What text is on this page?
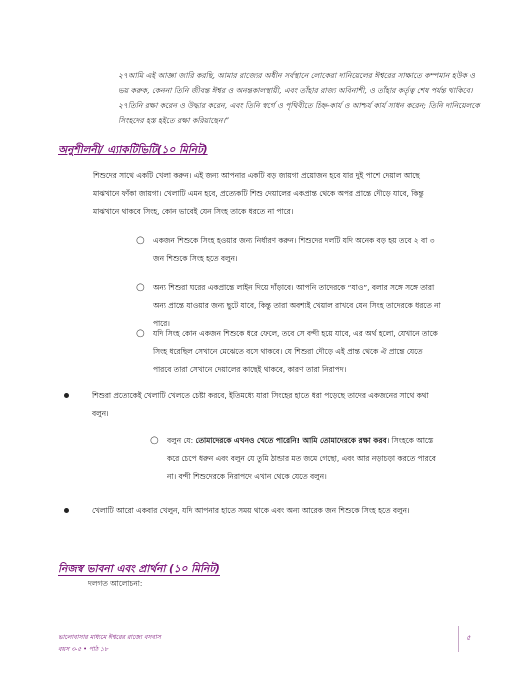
২৭আমি এই আজ্ঞা জারি করছি, আমার রাজ্যের অধীন সর্বস্থানে লোকেরা দানিয়েলের ঈশ্বরের সাক্ষাতে কম্পমান হউক ও ভয় করুক, কেননা তিনি জীবন্ত ঈশ্বর ও অনন্তকালস্থায়ী, এবং তাঁহার রাজ্য অবিনাশী, ও তাঁহার কর্তৃত্ব শেষ পর্যন্ত থাকিবে। ২৭তিনি রক্ষা করেন ও উদ্ধার করেন, এবং তিনি স্বর্গে ও পৃথিবীতে চিহ্ন-কার্য ও আশ্চর্য কার্য সাধন করেন; তিনি দানিয়েলকে সিংহদের হস্ত হইতে রক্ষা করিয়াছেন।”
অনুশীলনী/ এ্যাকটিভিটি(১০ মিনিট)
শিশুদের সাথে একটি খেলা করুন। এই জন্য আপনার একটি বড় জায়গা প্রয়োজন হবে যার দুই পাশে দেয়াল আছে মাঝখানে ফাঁকা জায়গা। খেলাটি এমন হবে, প্রত্যেকটি শিশু দেয়ালের একপ্রান্ত থেকে অপর প্রান্তে দৌড়ে যাবে, কিন্তু মাঝখানে থাকবে সিংহ, কোন ভাবেই যেন সিংহ তাকে ধরতে না পারে।
○ একজন শিশুকে সিংহ হওয়ার জন্য নির্ধারণ করুন। শিশুদের দলটি যদি অনেক বড় হয় তবে ২ বা ৩ জন শিশুকে সিংহ হতে বলুন।
○ অন্য শিশুরা ঘরের একপ্রান্তে লাইন দিয়ে দাঁড়াবে। আপনি তাদেরকে “যাও”, বলার সঙ্গে সঙ্গে তারা অন্য প্রান্তে যাওয়ার জন্য ছুটে যাবে, কিন্তু তারা অবশ্যই খেয়াল রাখবে যেন সিংহ তাদেরকে ধরতে না পারে।
○ যদি সিংহ কোন একজন শিশুকে ধরে ফেলে, তবে সে বন্দী হয়ে যাবে, এর অর্থ হলো, যেখানে তাকে সিংহ ধরেছিল সেখানে মেঝেতে বসে থাকবে। যে শিশুরা দৌড়ে এই প্রান্ত থেকে ঐ প্রান্তে যেতে পারবে তারা সেখানে দেয়ালের কাছেই থাকবে, কারণ তারা নিরাপদ।
শিশুরা প্রত্যেকেই খেলাটি খেলতে চেষ্টা করবে, ইতিমধ্যে যারা সিংহের হাতে ধরা পড়েছে তাদের একজনের সাথে কথা বলুন।
○ বলুন যে: তোমাদেরকে এখনও খেতে পারেনি! আমি তোমাদেরকে রক্ষা করব। সিংহকে আস্তে করে চেপে ধরুন এবং বলুন যে তুমি ঠান্ডার মত জমে গেছো, এবং আর নড়াচড়া করতে পারবে না। বন্দী শিশুদেরকে নিরাপদে এখান থেকে যেতে বলুন।
খেলাটি আরো একবার খেলুন, যদি আপনার হাতে সময় থাকে এবং অন্য আরেক জন শিশুকে সিংহ হতে বলুন।
নিজস্ব ভাবনা এবং প্রার্থনা (১০ মিনিট)
দলগত আলোচনা:
ভালোবাসার মাধ্যমে ঈশ্বরের রাজ্যে বসবাস
বয়স ৩-৫ • পাঠ ১৮
৫
